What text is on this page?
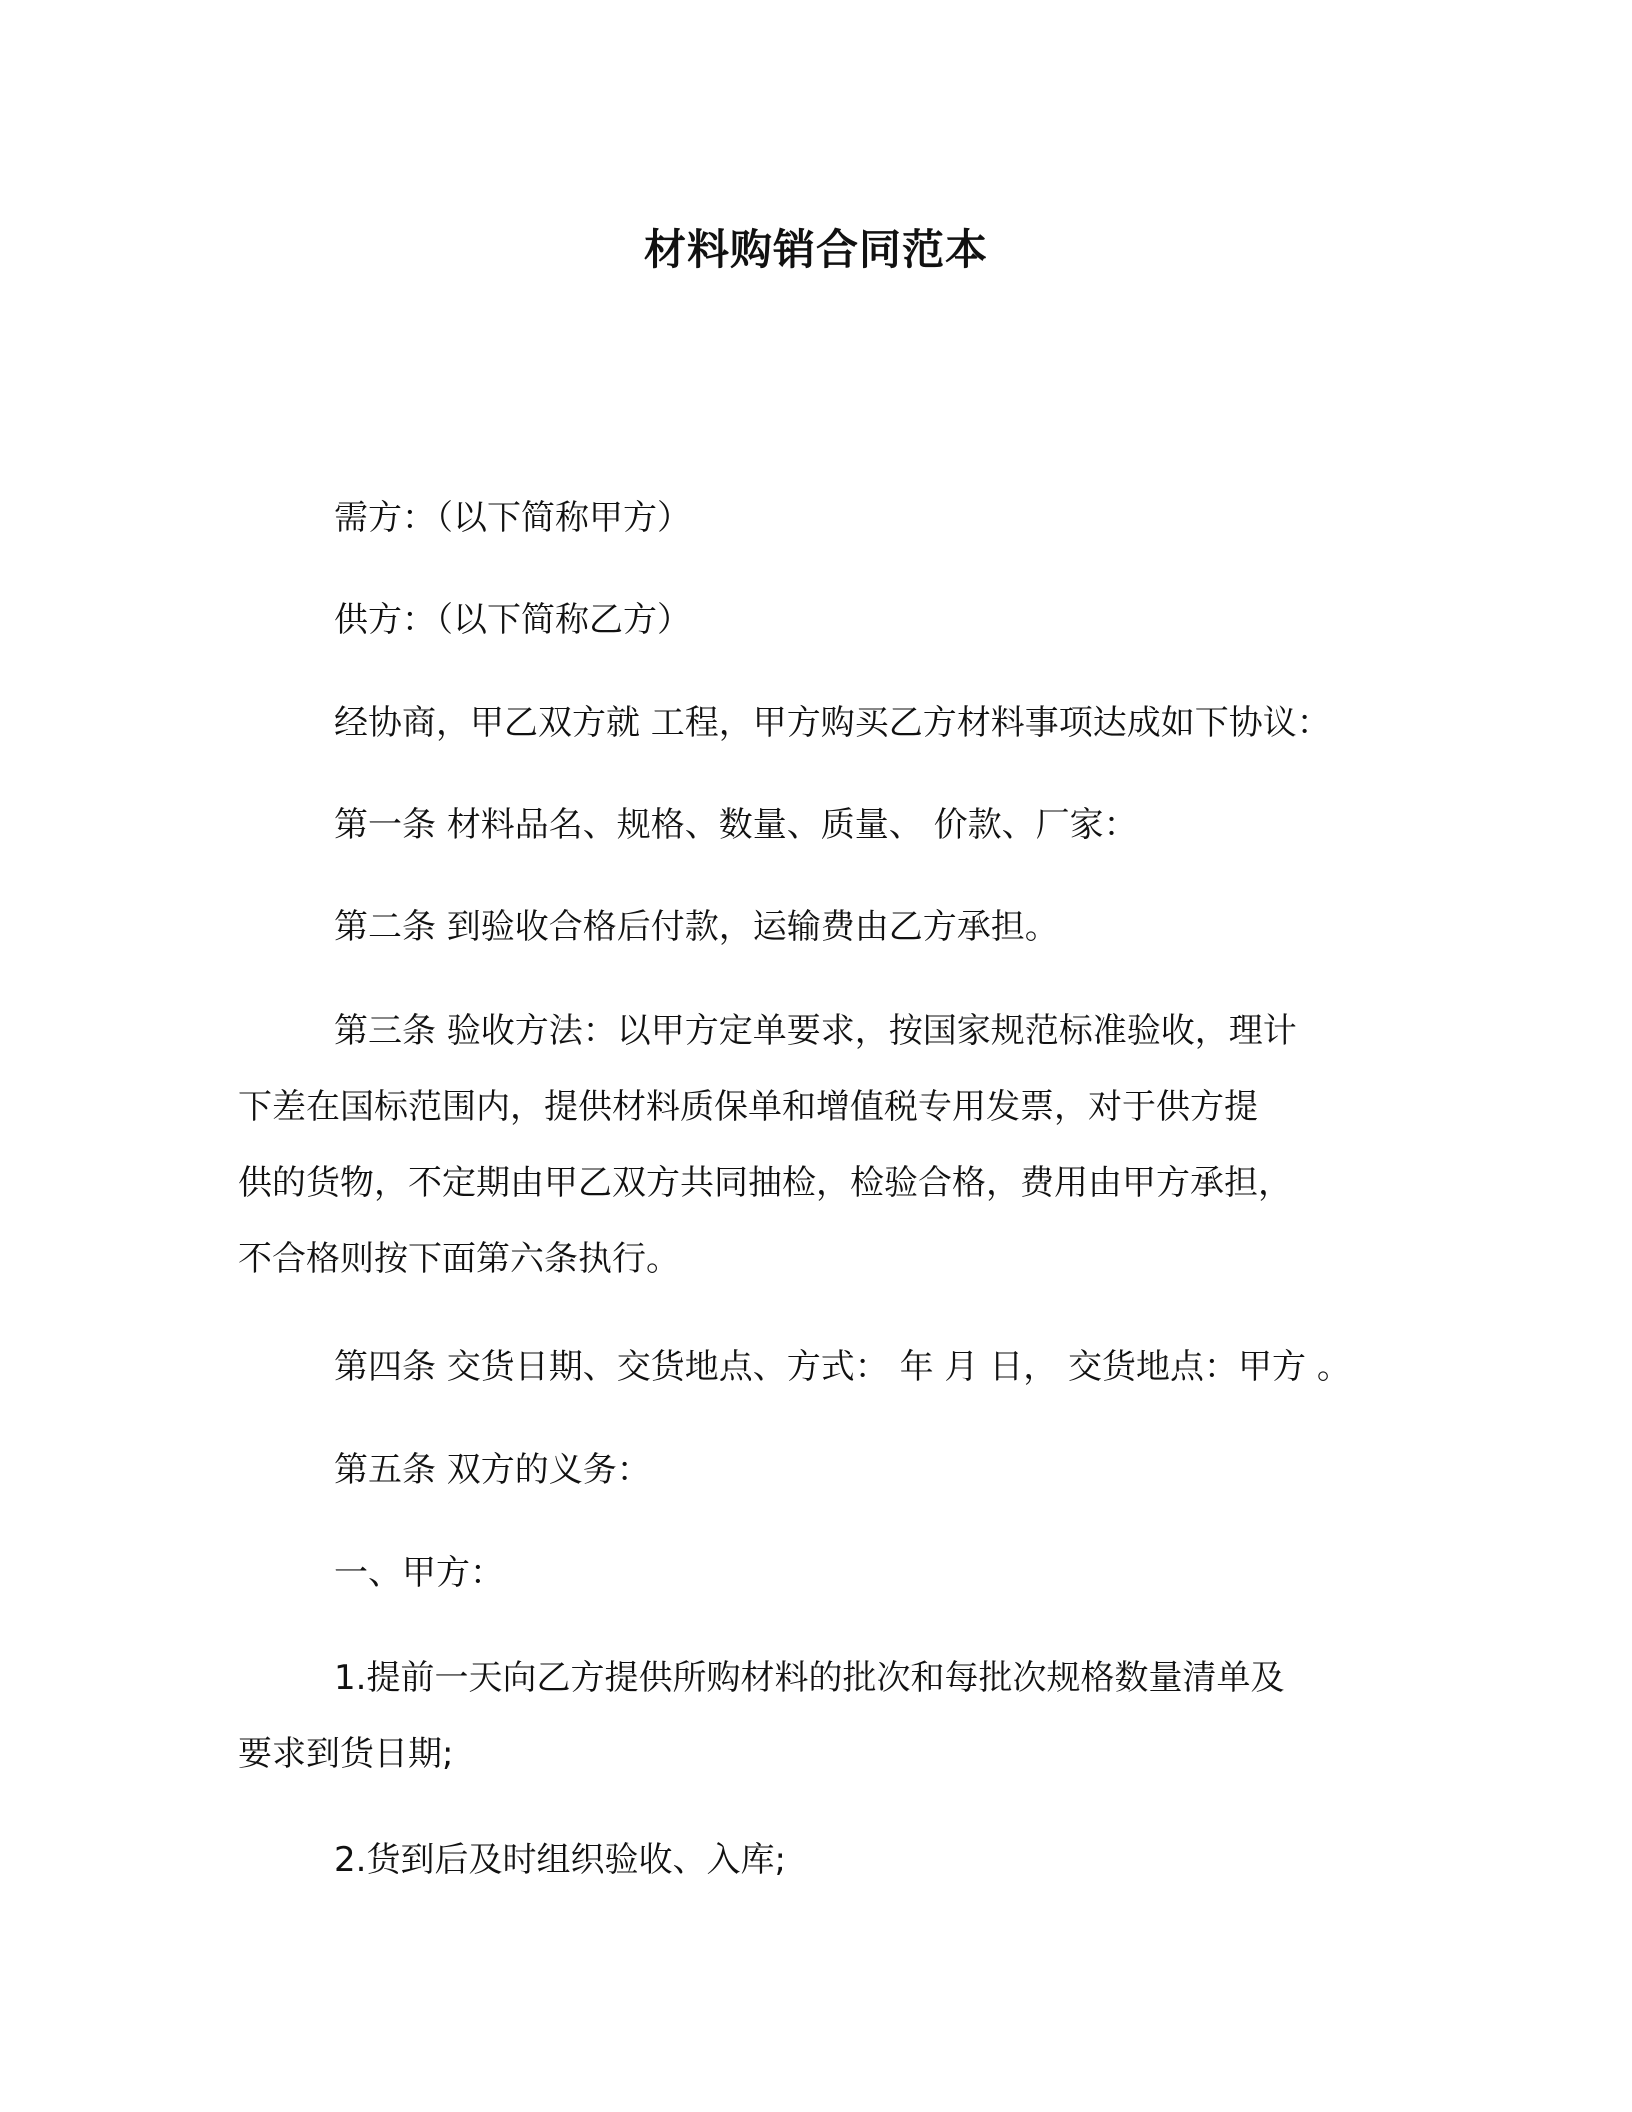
材料购销合同范本
需方：（以下简称甲方）
供方：（以下简称乙方）
经协商，甲乙双方就 工程，甲方购买乙方材料事项达成如下协议：
第一条 材料品名、规格、数量、质量、 价款、厂家：
第二条 到验收合格后付款，运输费由乙方承担。
第三条 验收方法：以甲方定单要求，按国家规范标准验收，理计
下差在国标范围内，提供材料质保单和增值税专用发票，对于供方提
供的货物，不定期由甲乙双方共同抽检，检验合格，费用由甲方承担，
不合格则按下面第六条执行。
第四条 交货日期、交货地点、方式： 年 月 日， 交货地点：甲方 。
第五条 双方的义务：
一、甲方：
1.提前一天向乙方提供所购材料的批次和每批次规格数量清单及
要求到货日期;
2.货到后及时组织验收、入库;
